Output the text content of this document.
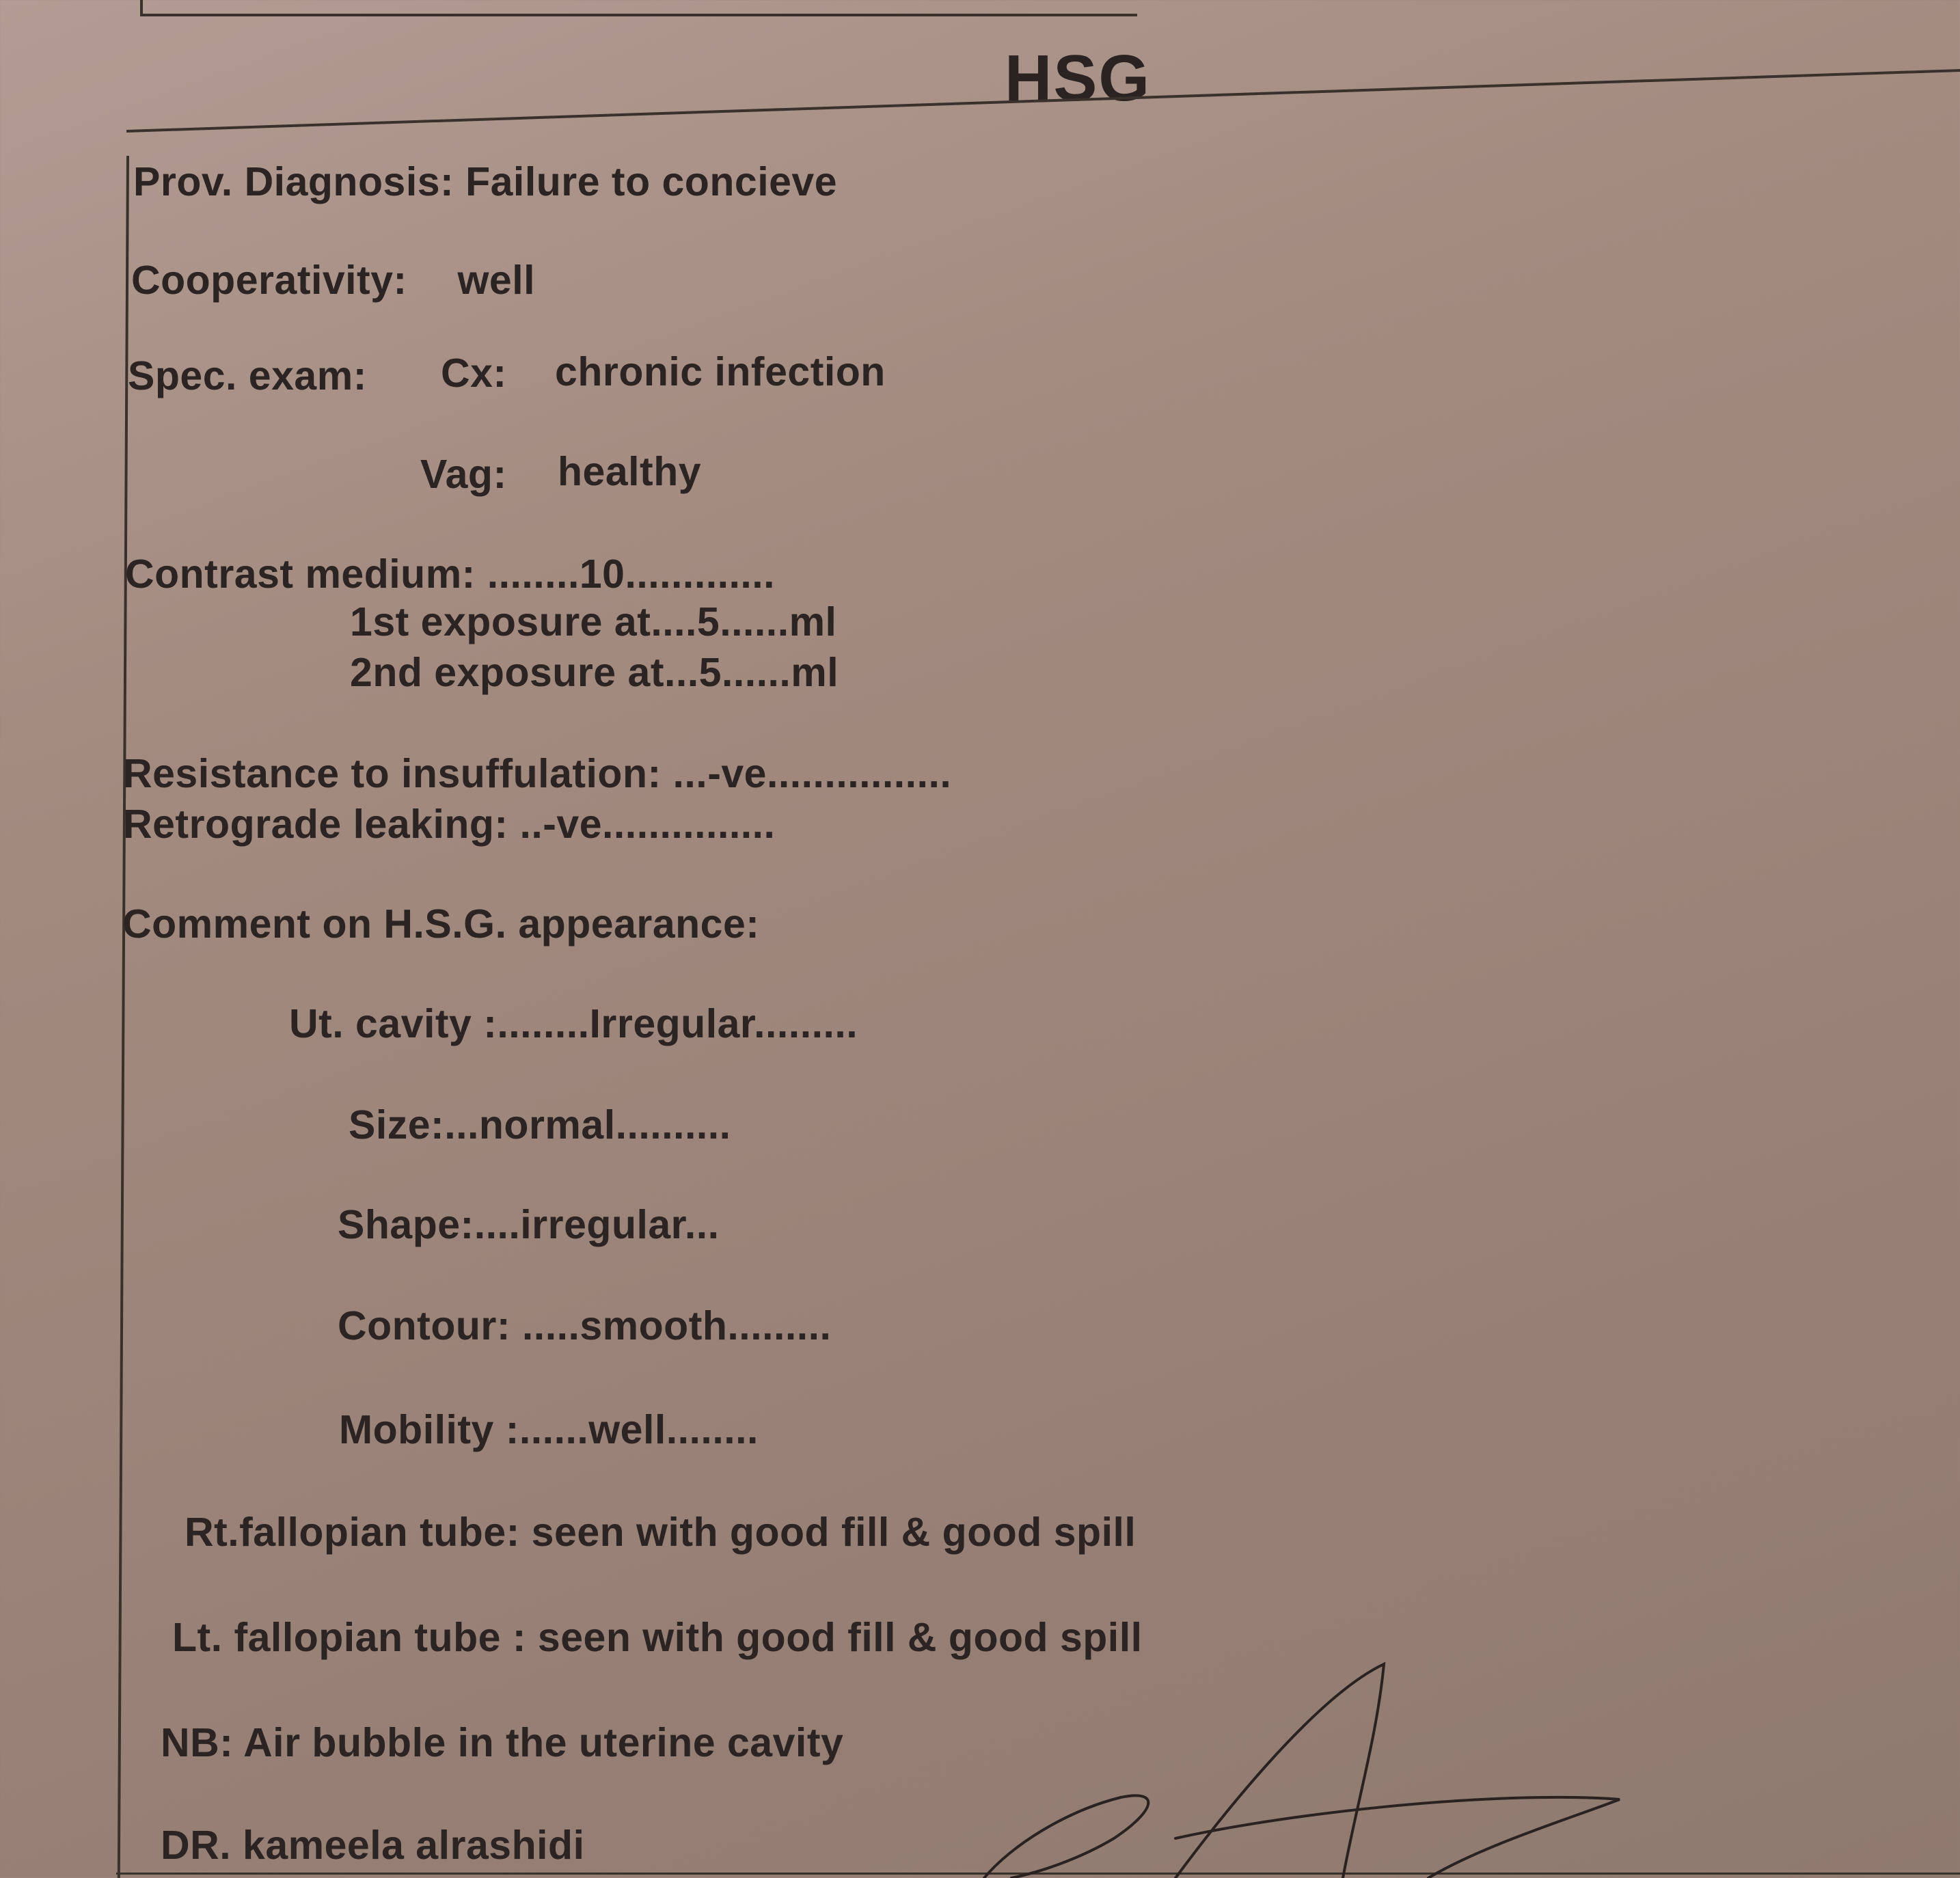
HSG
Prov. Diagnosis: Failure to concieve
Cooperativity: well
Spec. exam: Cx: chronic infection
Vag: healthy
Contrast medium: ........10.............
1st exposure at....5......ml
2nd exposure at...5......ml
Resistance to insuffulation: ...-ve................
Retrograde leaking: ..-ve...............
Comment on H.S.G. appearance:
Ut. cavity :........Irregular.........
Size:...normal..........
Shape:....irregular...
Contour: .....smooth.........
Mobility :......well........
Rt.fallopian tube: seen with good fill & good spill
Lt. fallopian tube : seen with good fill & good spill
NB: Air bubble in the uterine cavity
DR. kameela alrashidi
